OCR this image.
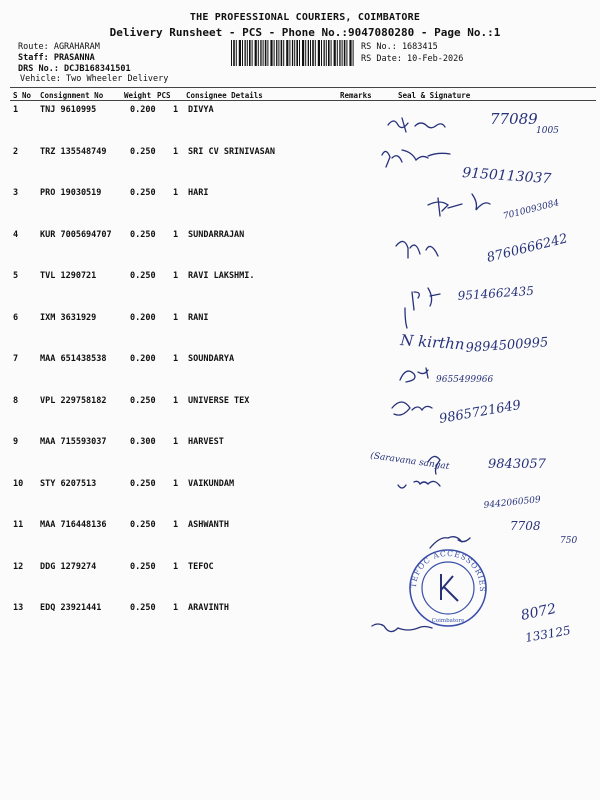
THE PROFESSIONAL COURIERS, COIMBATORE
Delivery Runsheet - PCS - Phone No.:9047080280 - Page No.:1
Route: AGRAHARAM
Staff: PRASANNA
DRS No.: DCJB168341501
Vehicle: Two Wheeler Delivery
RS No.: 1683415
RS Date: 10-Feb-2026
S No Consignment No	Weight PCS Consignee Details	Remarks	Seal & Signature
1	TNJ 9610995	0.200 1 DIVYA
2	TRZ 135548749	0.250 1 SRI CV SRINIVASAN
3	PRO 19030519	0.250 1 HARI
4	KUR 7005694707 0.250 1 SUNDARRAJAN
5	TVL 1290721	0.250 1 RAVI LAKSHMI.
6	IXM 3631929	0.200 1 RANI
7	MAA 651438538	0.200 1 SOUNDARYA
8	VPL 229758182	0.250 1 UNIVERSE TEX
9	MAA 715593037	0.300 1 HARVEST
10 STY 6207513	0.250 1 VAIKUNDAM
11 MAA 716448136	0.250 1 ASHWANTH
12 DDG 1279274	0.250 1 TEFOC
13 EDQ 23921441	0.250 1 ARAVINTH
77089
1005
9150113037
7010093084
8760666242
9514662435
N kirthn 9894500995
9655499966
9865721649
(Saravana sangat	9843057
9442060509
7708
750
8072
133125
TEFOC ACCESSORIES
Coimbatore
